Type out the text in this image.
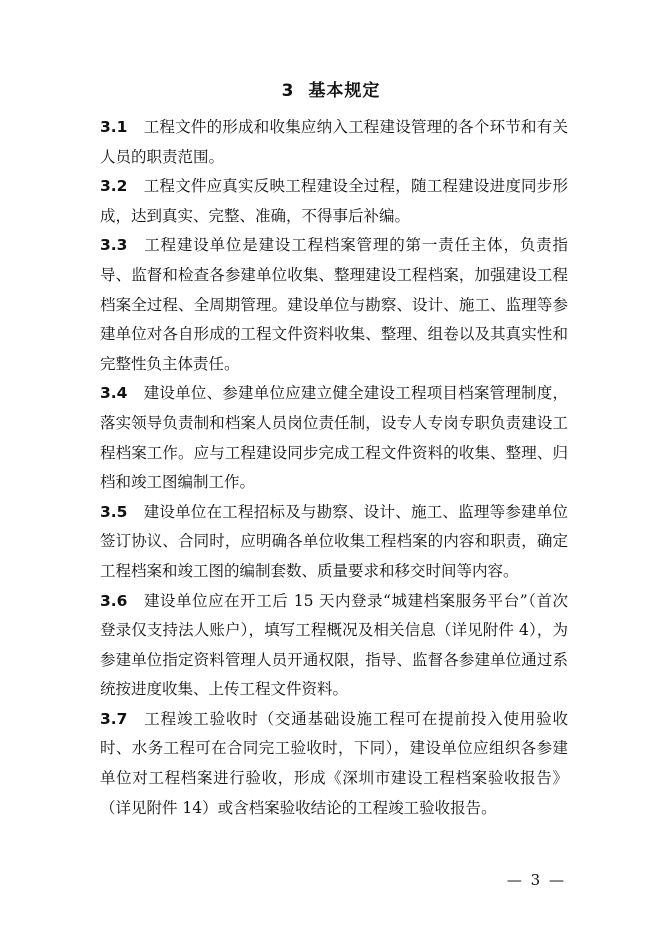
3 基本规定

3.1 工程文件的形成和收集应纳入工程建设管理的各个环节和有关人员的职责范围。

3.2 工程文件应真实反映工程建设全过程，随工程建设进度同步形成，达到真实、完整、准确，不得事后补编。

3.3 工程建设单位是建设工程档案管理的第一责任主体，负责指导、监督和检查各参建单位收集、整理建设工程档案，加强建设工程档案全过程、全周期管理。建设单位与勘察、设计、施工、监理等参建单位对各自形成的工程文件资料收集、整理、组卷以及其真实性和完整性负主体责任。

3.4 建设单位、参建单位应建立健全建设工程项目档案管理制度，落实领导负责制和档案人员岗位责任制，设专人专岗专职负责建设工程档案工作。应与工程建设同步完成工程文件资料的收集、整理、归档和竣工图编制工作。

3.5 建设单位在工程招标及与勘察、设计、施工、监理等参建单位签订协议、合同时，应明确各单位收集工程档案的内容和职责，确定工程档案和竣工图的编制套数、质量要求和移交时间等内容。

3.6 建设单位应在开工后 15 天内登录“城建档案服务平台”（首次登录仅支持法人账户），填写工程概况及相关信息（详见附件 4），为参建单位指定资料管理人员开通权限，指导、监督各参建单位通过系统按进度收集、上传工程文件资料。

3.7 工程竣工验收时（交通基础设施工程可在提前投入使用验收时、水务工程可在合同完工验收时，下同），建设单位应组织各参建单位对工程档案进行验收，形成《深圳市建设工程档案验收报告》（详见附件 14）或含档案验收结论的工程竣工验收报告。

— 3 —
